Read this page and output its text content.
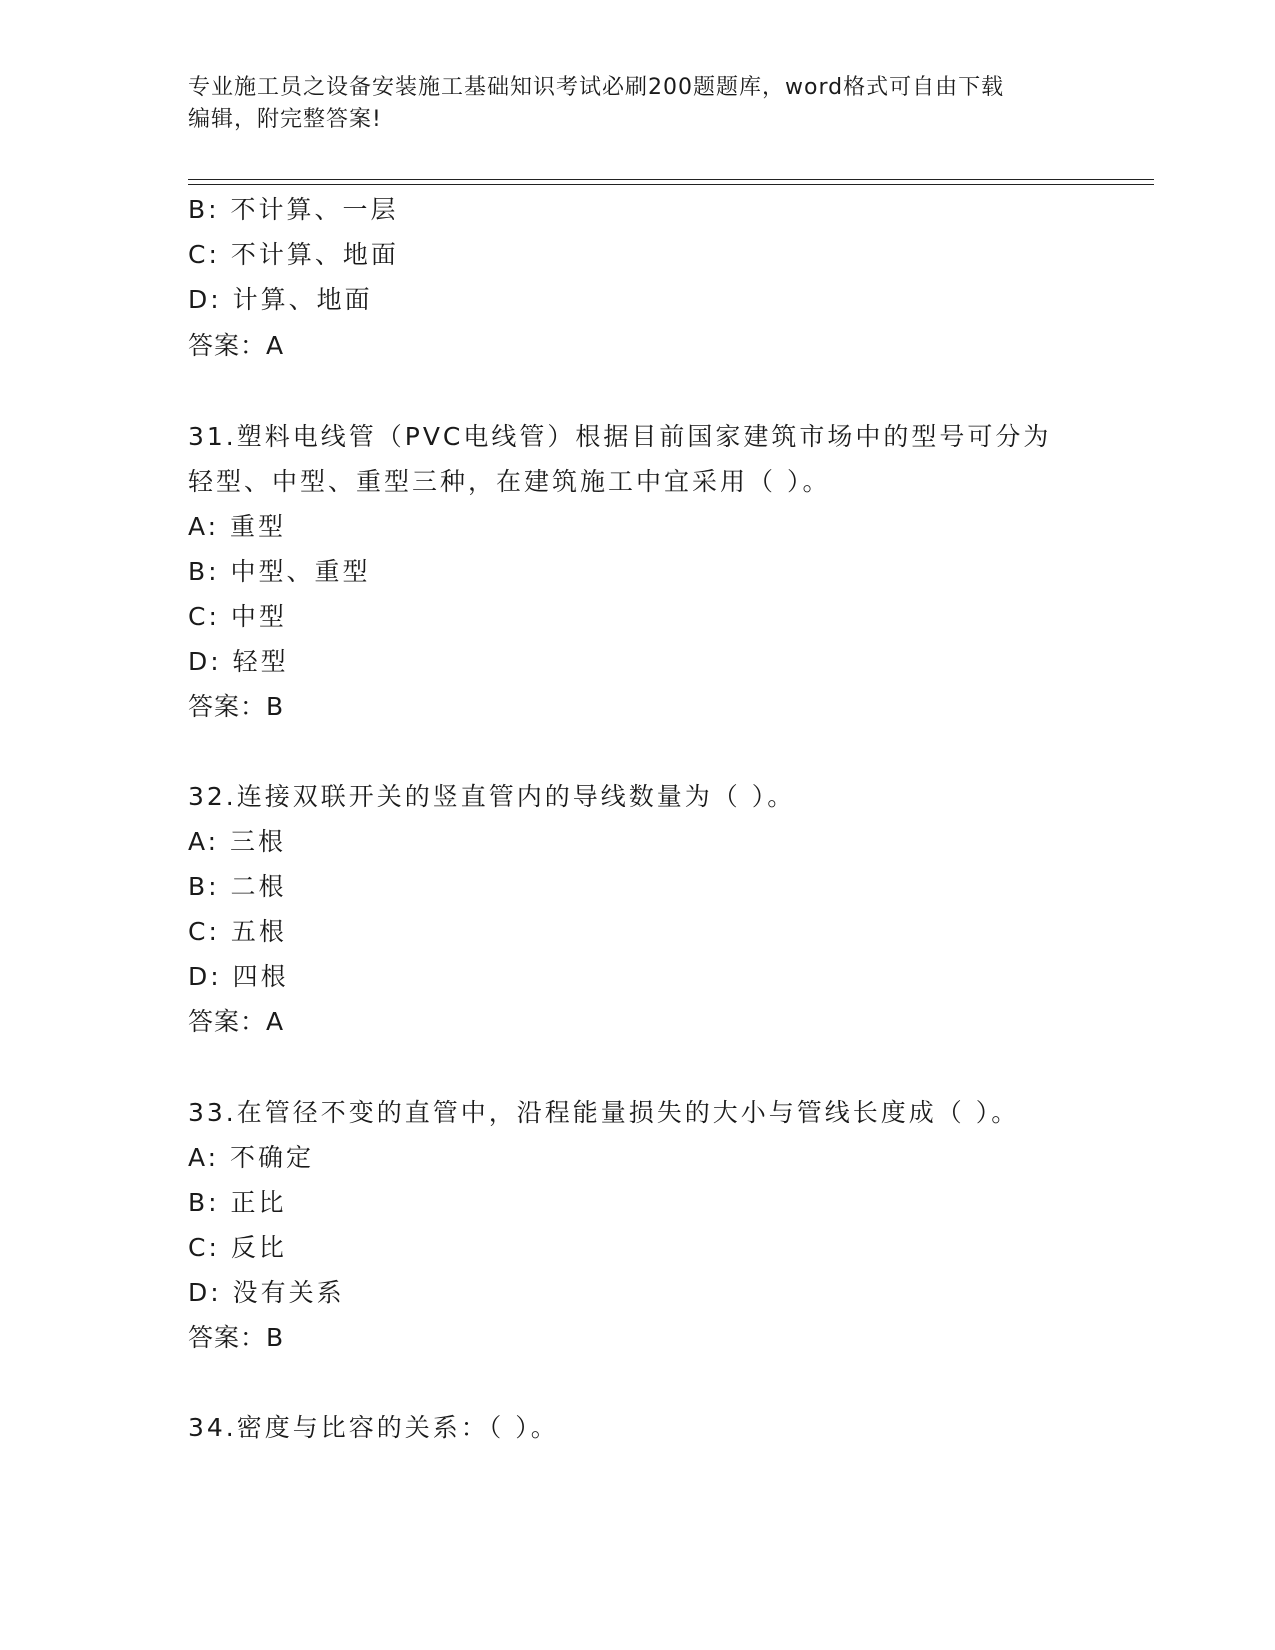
专业施工员之设备安装施工基础知识考试必刷200题题库，word格式可自由下载
编辑，附完整答案!
B: 不计算、一层
C: 不计算、地面
D: 计算、地面
答案：A
31.塑料电线管（PVC电线管）根据目前国家建筑市场中的型号可分为
轻型、中型、重型三种，在建筑施工中宜采用（ ）。
A: 重型
B: 中型、重型
C: 中型
D: 轻型
答案：B
32.连接双联开关的竖直管内的导线数量为（ ）。
A: 三根
B: 二根
C: 五根
D: 四根
答案：A
33.在管径不变的直管中，沿程能量损失的大小与管线长度成（ ）。
A: 不确定
B: 正比
C: 反比
D: 没有关系
答案：B
34.密度与比容的关系：（ ）。
